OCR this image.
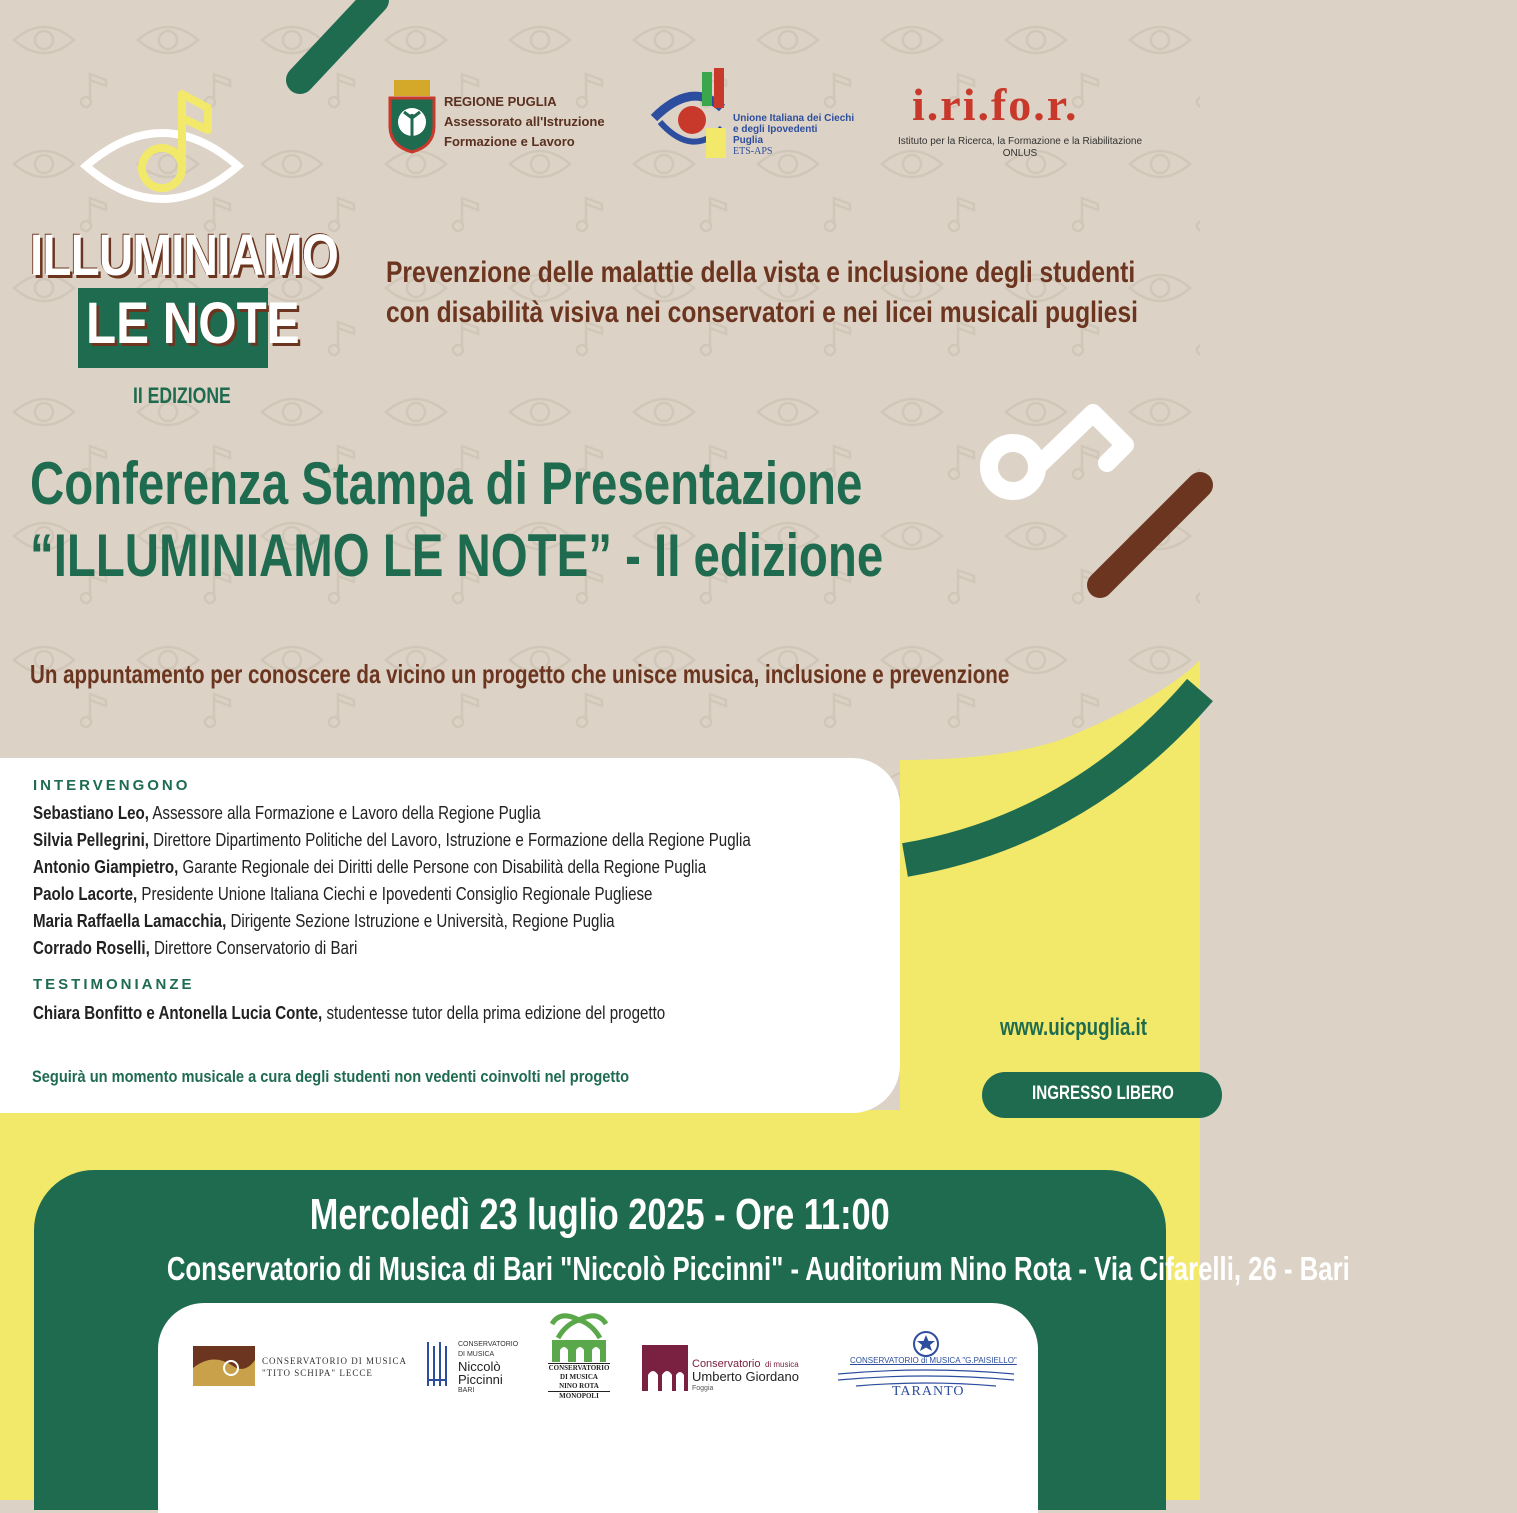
ILLUMINIAMO
LE NOTE
II EDIZIONE
REGIONE PUGLIA
Assessorato all'Istruzione
Formazione e Lavoro
Unione Italiana dei Ciechi
e degli Ipovedenti
Puglia
ETS-APS
i.ri.fo.r.
Istituto per la Ricerca, la Formazione e la Riabilitazione
ONLUS
Prevenzione delle malattie della vista e inclusione degli studenti
con disabilità visiva nei conservatori e nei licei musicali pugliesi
Conferenza Stampa di Presentazione
“ILLUMINIAMO LE NOTE” - II edizione
Un appuntamento per conoscere da vicino un progetto che unisce musica, inclusione e prevenzione
INTERVENGONO
Sebastiano Leo, Assessore alla Formazione e Lavoro della Regione Puglia
Silvia Pellegrini, Direttore Dipartimento Politiche del Lavoro, Istruzione e Formazione della Regione Puglia
Antonio Giampietro, Garante Regionale dei Diritti delle Persone con Disabilità della Regione Puglia
Paolo Lacorte, Presidente Unione Italiana Ciechi e Ipovedenti Consiglio Regionale Pugliese
Maria Raffaella Lamacchia, Dirigente Sezione Istruzione e Università, Regione Puglia
Corrado Roselli, Direttore Conservatorio di Bari
TESTIMONIANZE
Chiara Bonfitto e Antonella Lucia Conte, studentesse tutor della prima edizione del progetto
Seguirà un momento musicale a cura degli studenti non vedenti coinvolti nel progetto
www.uicpuglia.it
INGRESSO LIBERO
Mercoledì 23 luglio 2025 - Ore 11:00
Conservatorio di Musica di Bari "Niccolò Piccinni" - Auditorium Nino Rota - Via Cifarelli, 26 - Bari
CONSERVATORIO DI MUSICA
"TITO SCHIPA" LECCE
CONSERVATORIO
DI MUSICA
Niccolò
Piccinni
BARI
CONSERVATORIO
DI MUSICA
NINO ROTA
MONOPOLI
Conservatorio di musica
Umberto Giordano
Foggia
CONSERVATORIO di MUSICA "G.PAISIELLO"
TARANTO
